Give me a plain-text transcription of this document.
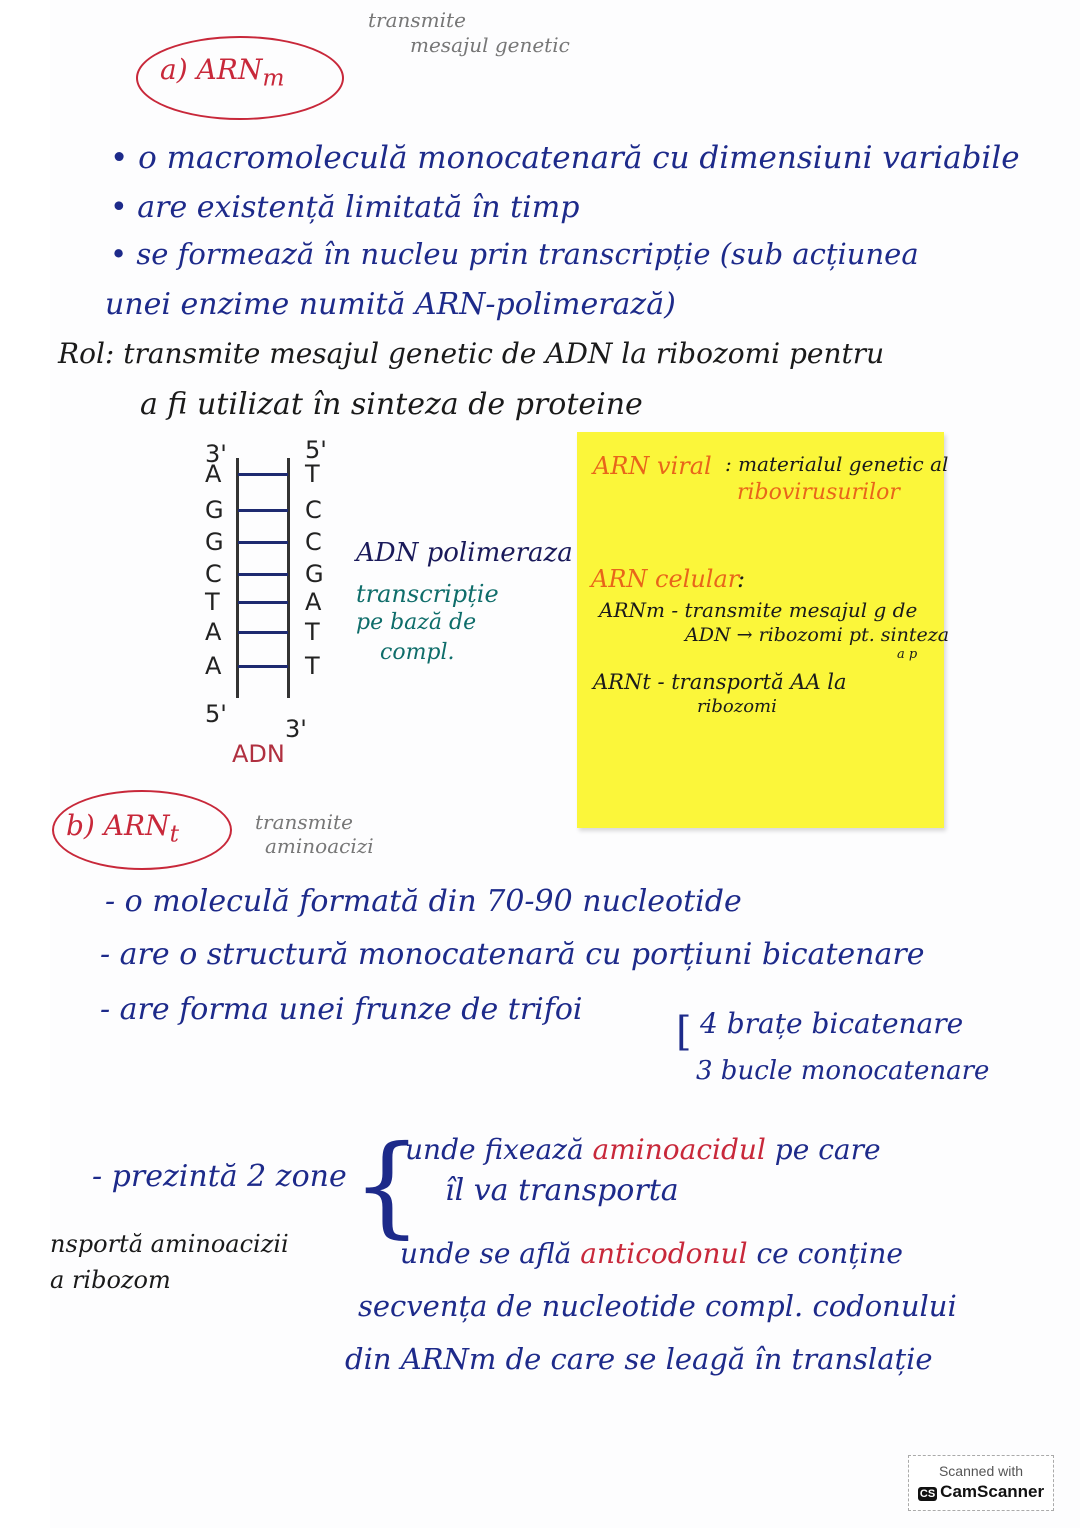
a) $ARN_m$
transmite
mesajul genetic
• o macromoleculă monocatenară cu dimensiuni variabile
• are existență limitată în timp
• se formează în nucleu prin transcripție (sub acțiunea
unei enzime numită ARN-polimerază)
Rol: transmite mesajul genetic de ADN la ribozomi pentru
a fi utilizat în sinteza de proteine
3'	5'
A	T
G	C
G	C
C	G
T	A
A	T
A	T
5'
3'
ADN
ADN polimeraza
transcripție
pe bază de
compl.
ARN viral : materialul genetic al
ribovirusurilor
ARN celular
:
ARNm - transmite mesajul g de
ADN → ribozomi pt. sinteza
a p
ARNt - transportă AA la
ribozomi
b) $ARN_t$	transmite
aminoacizi
- o moleculă formată din 70-90 nucleotide
- are o structură monocatenară cu porțiuni bicatenare
- are forma unei frunze de trifoi [ 4 brațe bicatenare
3 bucle monocatenare
- prezintă 2 zone {
unde fixează aminoacidul pe care
îl va transporta
unde se află anticodonul ce conține
secvența de nucleotide compl. codonului
din ARNm de care se leagă în translație
nsportă aminoacizii
a ribozom
Scanned with
CS CamScanner
